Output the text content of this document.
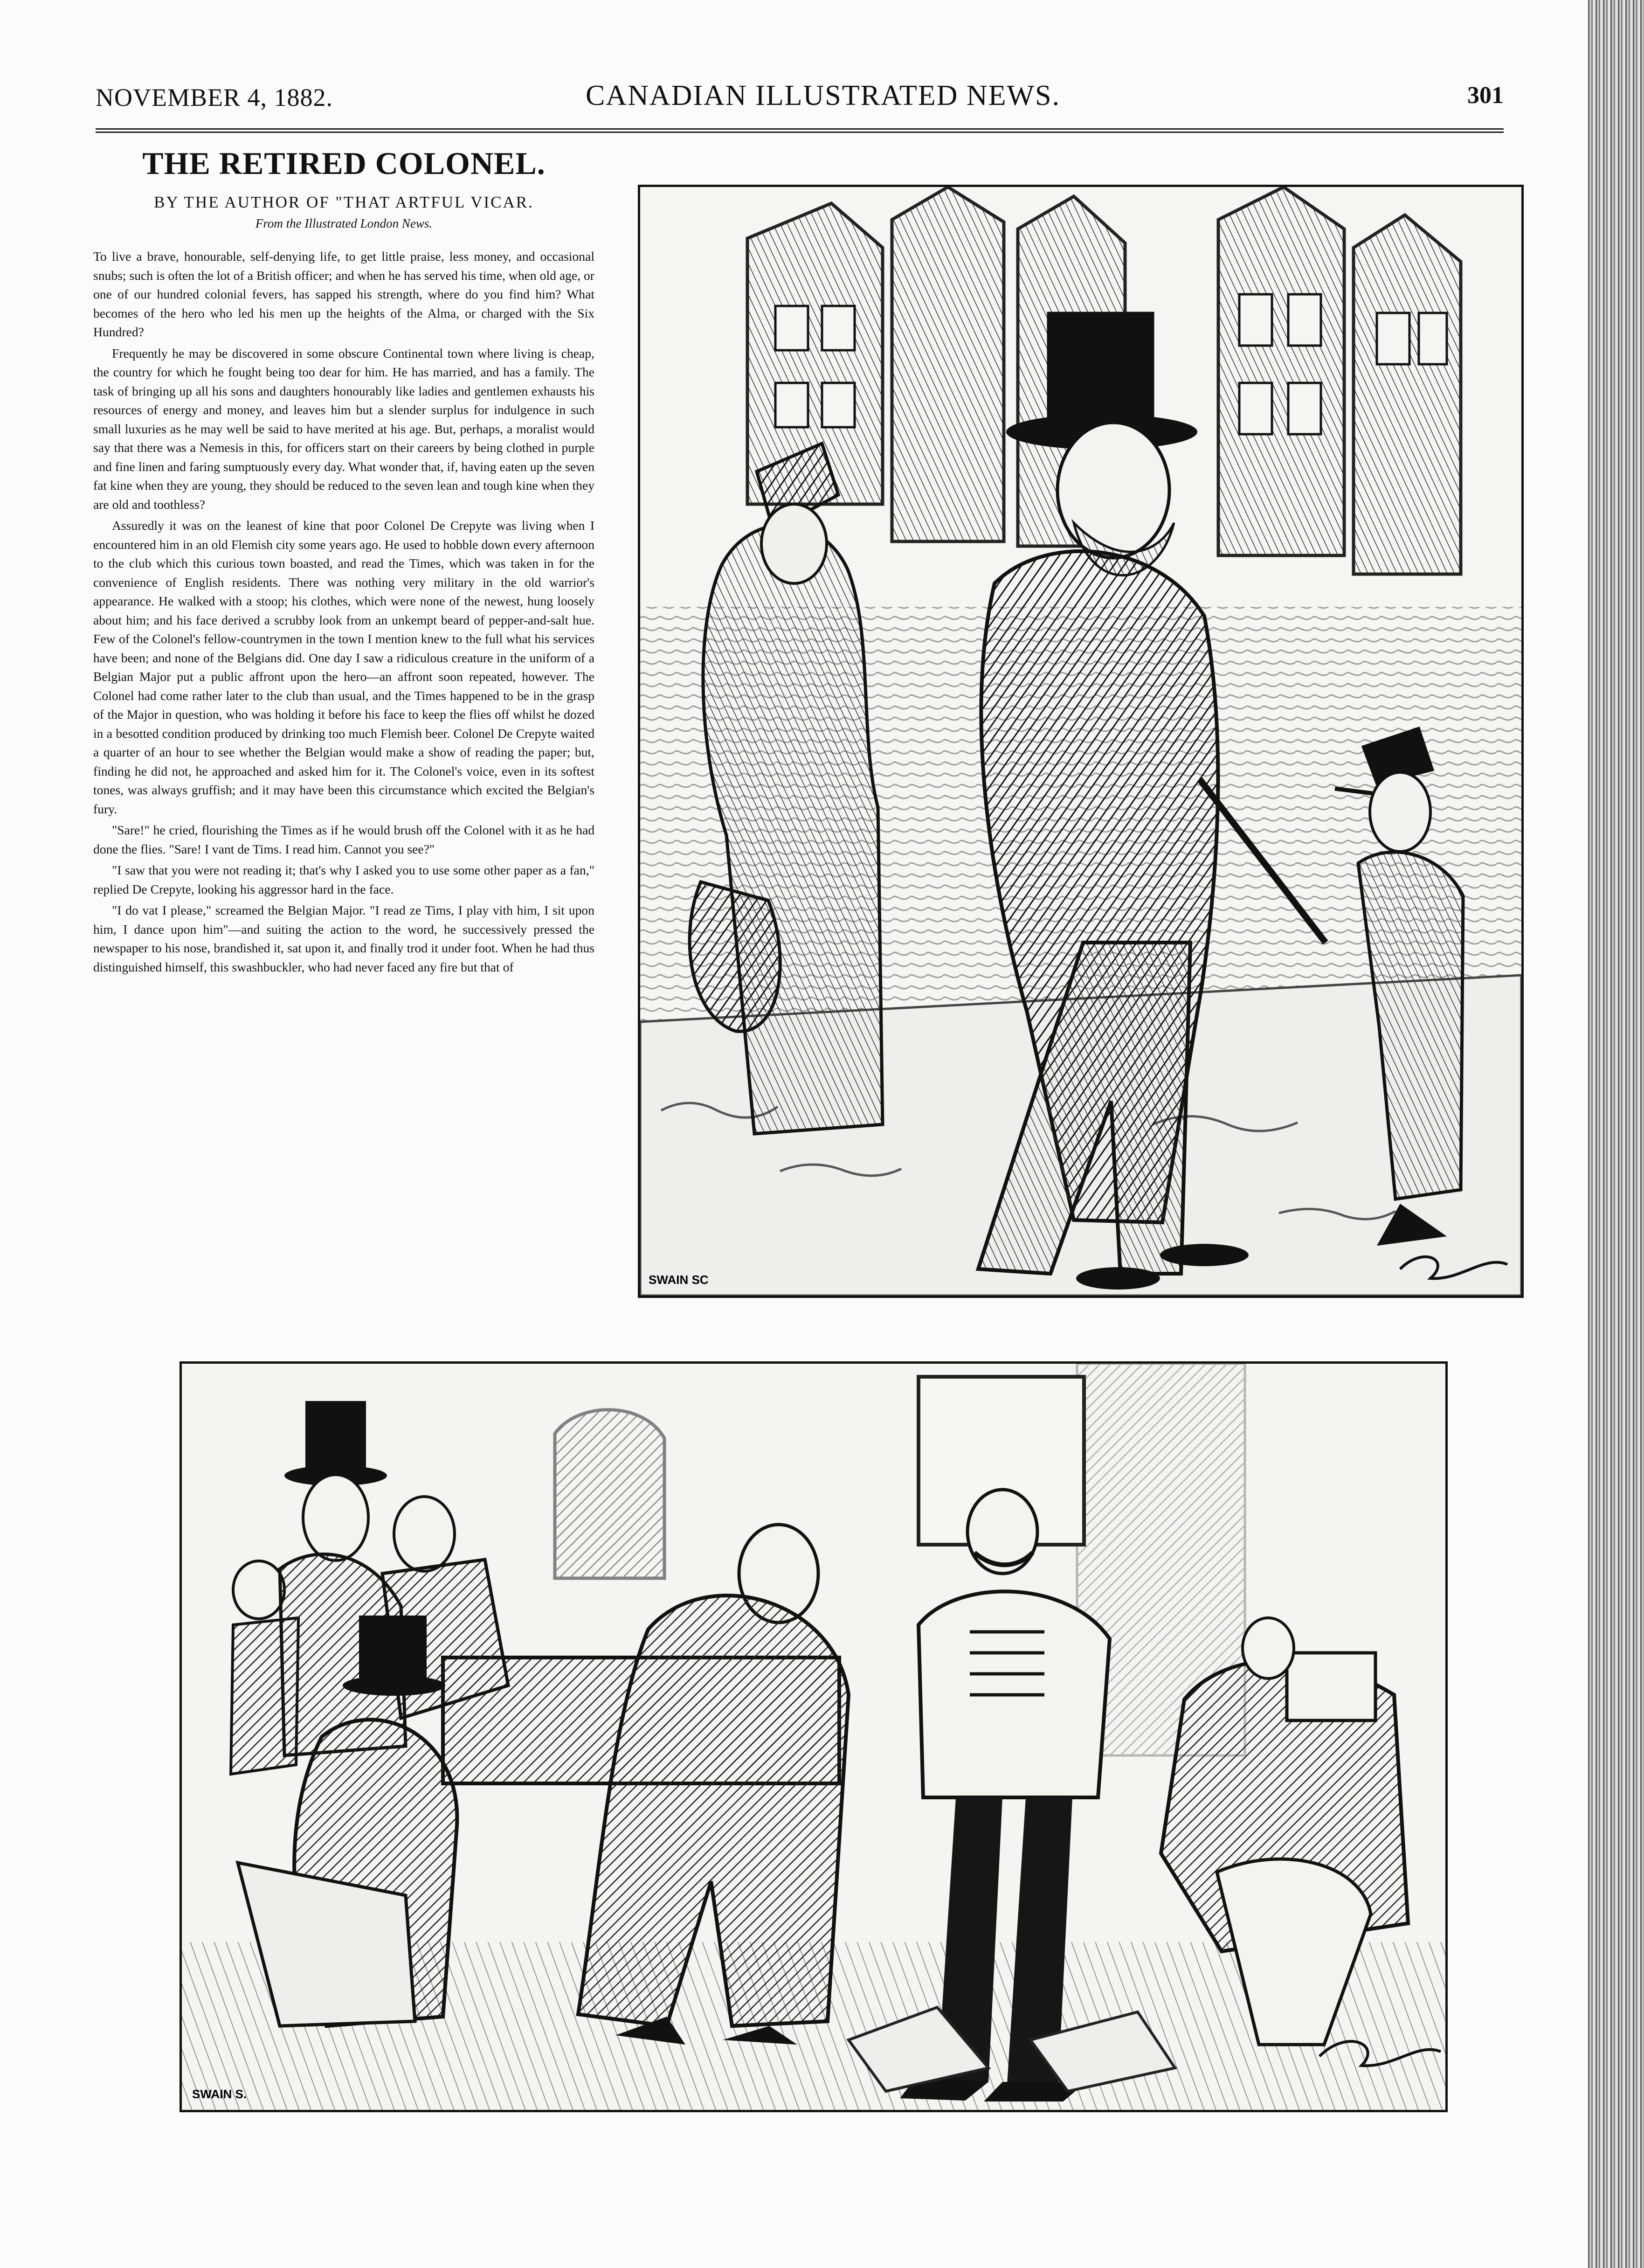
NOVEMBER 4, 1882.	CANADIAN ILLUSTRATED NEWS.	301
THE RETIRED COLONEL.
BY THE AUTHOR OF "THAT ARTFUL VICAR.
From the Illustrated London News.

To live a brave, honourable, self-denying life, to get little praise, less money, and occasional snubs; such is often the lot of a British officer; and when he has served his time, when old age, or one of our hundred colonial fevers, has sapped his strength, where do you find him? What becomes of the hero who led his men up the heights of the Alma, or charged with the Six Hundred?

Frequently he may be discovered in some obscure Continental town where living is cheap, the country for which he fought being too dear for him. He has married, and has a family. The task of bringing up all his sons and daughters honourably like ladies and gentlemen exhausts his resources of energy and money, and leaves him but a slender surplus for indulgence in such small luxuries as he may well be said to have merited at his age. But, perhaps, a moralist would say that there was a Nemesis in this, for officers start on their careers by being clothed in purple and fine linen and faring sumptuously every day. What wonder that, if, having eaten up the seven fat kine when they are young, they should be reduced to the seven lean and tough kine when they are old and toothless?

Assuredly it was on the leanest of kine that poor Colonel De Crepyte was living when I encountered him in an old Flemish city some years ago. He used to hobble down every afternoon to the club which this curious town boasted, and read the Times, which was taken in for the convenience of English residents. There was nothing very military in the old warrior's appearance. He walked with a stoop; his clothes, which were none of the newest, hung loosely about him; and his face derived a scrubby look from an unkempt beard of pepper-and-salt hue. Few of the Colonel's fellow-countrymen in the town I mention knew to the full what his services have been; and none of the Belgians did. One day I saw a ridiculous creature in the uniform of a Belgian Major put a public affront upon the hero—an affront soon repeated, however. The Colonel had come rather later to the club than usual, and the Times happened to be in the grasp of the Major in question, who was holding it before his face to keep the flies off whilst he dozed in a besotted condition produced by drinking too much Flemish beer. Colonel De Crepyte waited a quarter of an hour to see whether the Belgian would make a show of reading the paper; but, finding he did not, he approached and asked him for it. The Colonel's voice, even in its softest tones, was always gruffish; and it may have been this circumstance which excited the Belgian's fury.

"Sare!" he cried, flourishing the Times as if he would brush off the Colonel with it as he had done the flies. "Sare! I vant de Tims. I read him. Cannot you see?"

"I saw that you were not reading it; that's why I asked you to use some other paper as a fan," replied De Crepyte, looking his aggressor hard in the face.

"I do vat I please," screamed the Belgian Major. "I read ze Tims, I play vith him, I sit upon him, I dance upon him"—and suiting the action to the word, he successively pressed the newspaper to his nose, brandished it, sat upon it, and finally trod it under foot. When he had thus distinguished himself, this swashbuckler, who had never faced any fire but that of

SWAIN SC
SWAIN S.
